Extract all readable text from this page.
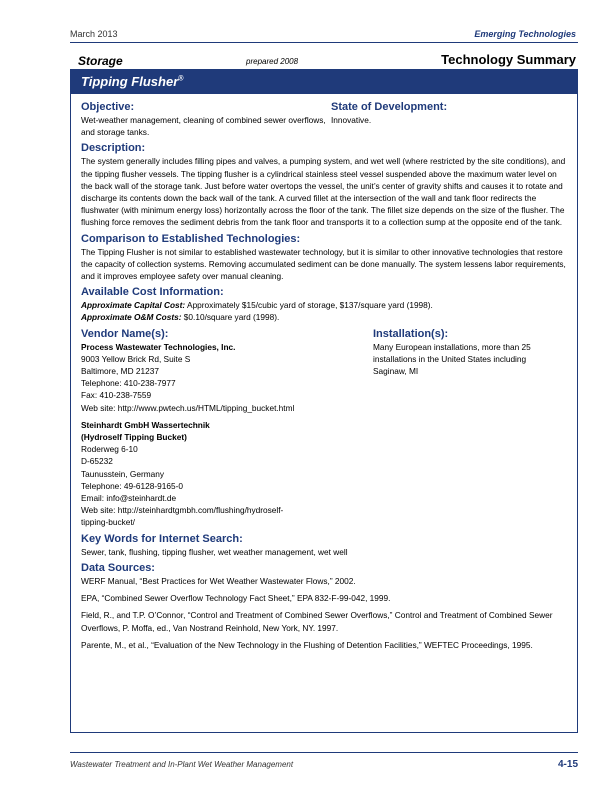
March 2013	Emerging Technologies
Storage	prepared 2008	Technology Summary
Tipping Flusher®
Objective:

Wet-weather management, cleaning of combined sewer overflows, and storage tanks.

State of Development:

Innovative.

Description:

The system generally includes filling pipes and valves, a pumping system, and wet well (where restricted by the site conditions), and the tipping flusher vessels. The tipping flusher is a cylindrical stainless steel vessel suspended above the maximum water level on the back wall of the storage tank. Just before water overtops the vessel, the unit’s center of gravity shifts and causes it to rotate and discharge its contents down the back wall of the tank. A curved fillet at the intersection of the wall and tank floor redirects the flushwater (with minimum energy loss) horizontally across the floor of the tank. The fillet size depends on the size of the flusher. The flushing force removes the sediment debris from the tank floor and transports it to a collection sump at the opposite end of the tank.

Comparison to Established Technologies:

The Tipping Flusher is not similar to established wastewater technology, but it is similar to other innovative technologies that restore the capacity of collection systems. Removing accumulated sediment can be done manually. The system lessens labor requirements, and it improves employee safety over manual cleaning.

Available Cost Information:

Approximate Capital Cost: Approximately $15/cubic yard of storage, $137/square yard (1998).

Approximate O&M Costs: $0.10/square yard (1998).

Vendor Name(s):

Process Wastewater Technologies, Inc.

9003 Yellow Brick Rd, Suite S

Baltimore, MD 21237

Telephone: 410-238-7977

Fax: 410-238-7559

Web site: http://www.pwtech.us/HTML/tipping_bucket.html

Steinhardt GmbH Wassertechnik

(Hydroself Tipping Bucket)

Roderweg 6-10

D-65232

Taunusstein, Germany

Telephone: 49-6128-9165-0

Email: info@steinhardt.de

Web site: http://steinhardtgmbh.com/flushing/hydroself-

tipping-bucket/

Installation(s):

Many European installations, more than 25 installations in the United States including Saginaw, MI

Key Words for Internet Search:

Sewer, tank, flushing, tipping flusher, wet weather management, wet well

Data Sources:

WERF Manual, “Best Practices for Wet Weather Wastewater Flows,” 2002.

EPA, “Combined Sewer Overflow Technology Fact Sheet,” EPA 832-F-99-042, 1999.

Field, R., and T.P. O’Connor, “Control and Treatment of Combined Sewer Overflows,” Control and Treatment of Combined Sewer Overflows, P. Moffa, ed., Van Nostrand Reinhold, New York, NY. 1997.

Parente, M., et al., “Evaluation of the New Technology in the Flushing of Detention Facilities,” WEFTEC Proceedings, 1995.

Wastewater Treatment and In-Plant Wet Weather Management	4-15
